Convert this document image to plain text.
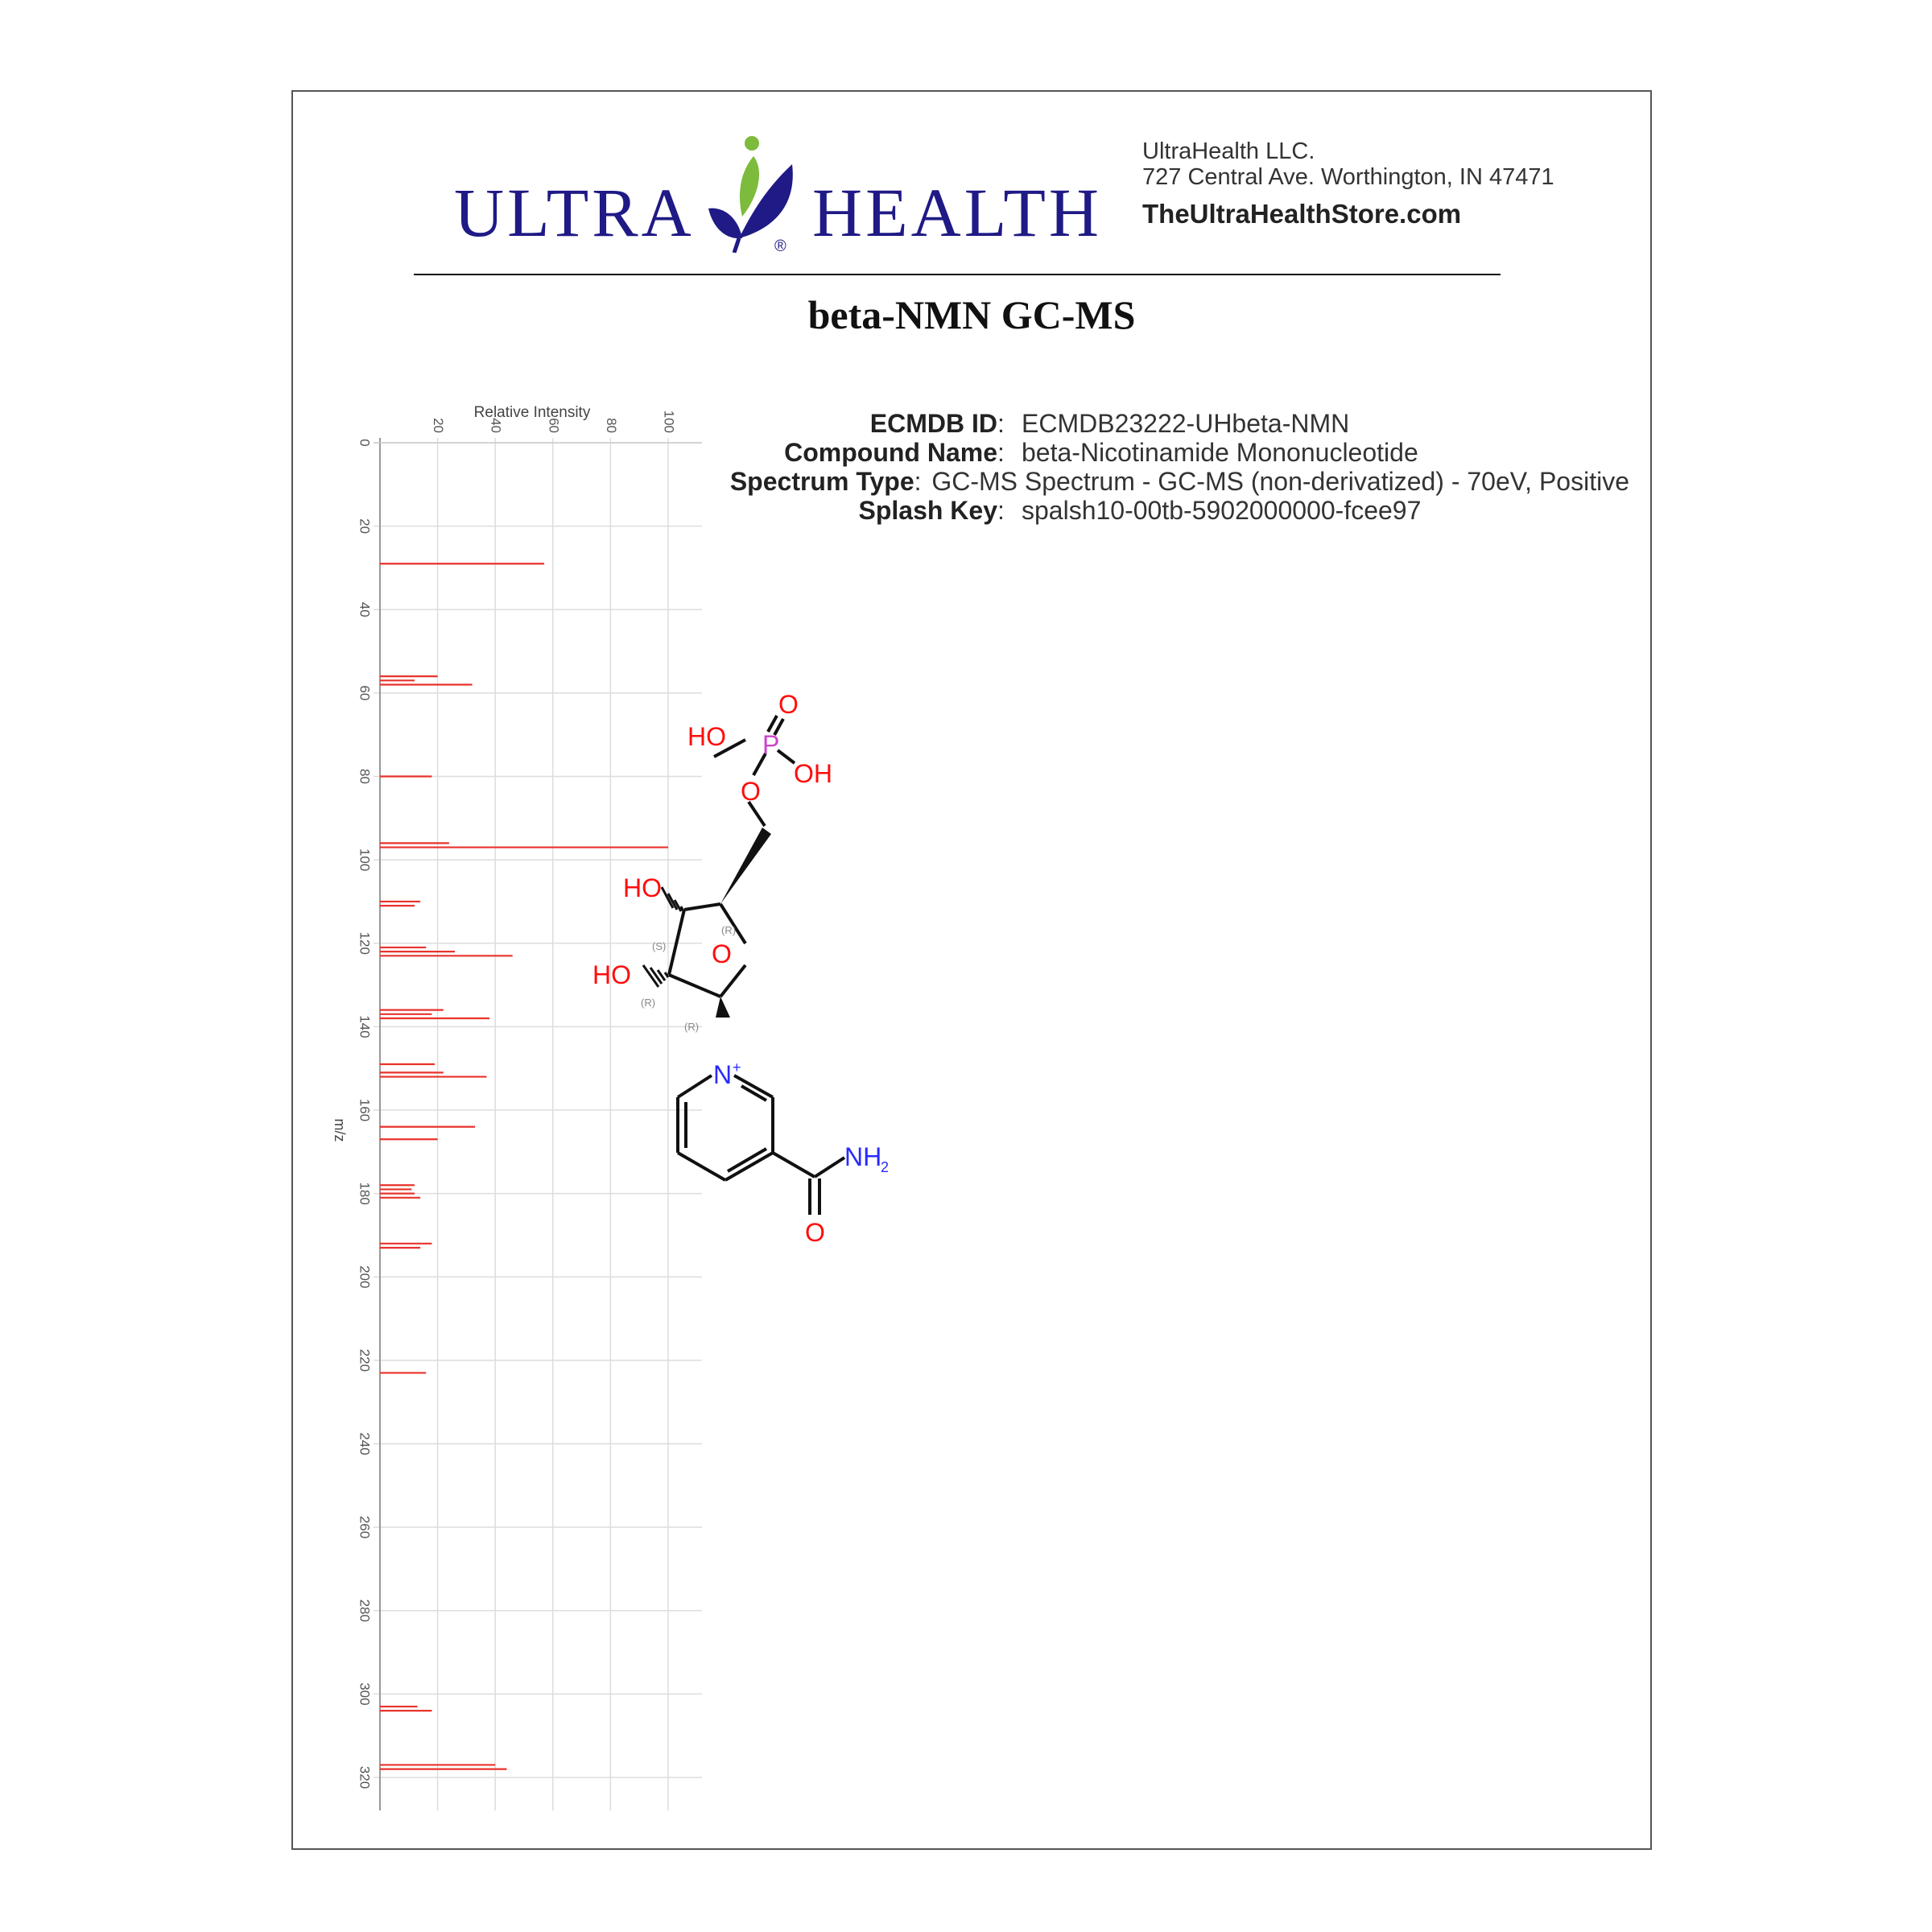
ULTRA	® HEALTH
UltraHealth LLC.
727 Central Ave. Worthington, IN 47471
TheUltraHealthStore.com
beta-NMN GC-MS
20	40	60	80	100
0
20
40
60
80
100
120
140
160
180
200
220
240
260
280
300
320
Relative Intensity
m/z
ECMDB ID : ECMDB23222-UHbeta-NMN
Compound Name : beta-Nicotinamide Mononucleotide
Spectrum Type : GC-MS Spectrum - GC-MS (non-derivatized) - 70eV, Positive
Splash Key : spalsh10-00tb-5902000000-fcee97
HO
O
P
OH
O
HO
O
HO
N +
NH
2
O
(R)
(S)
(R)
(R)
